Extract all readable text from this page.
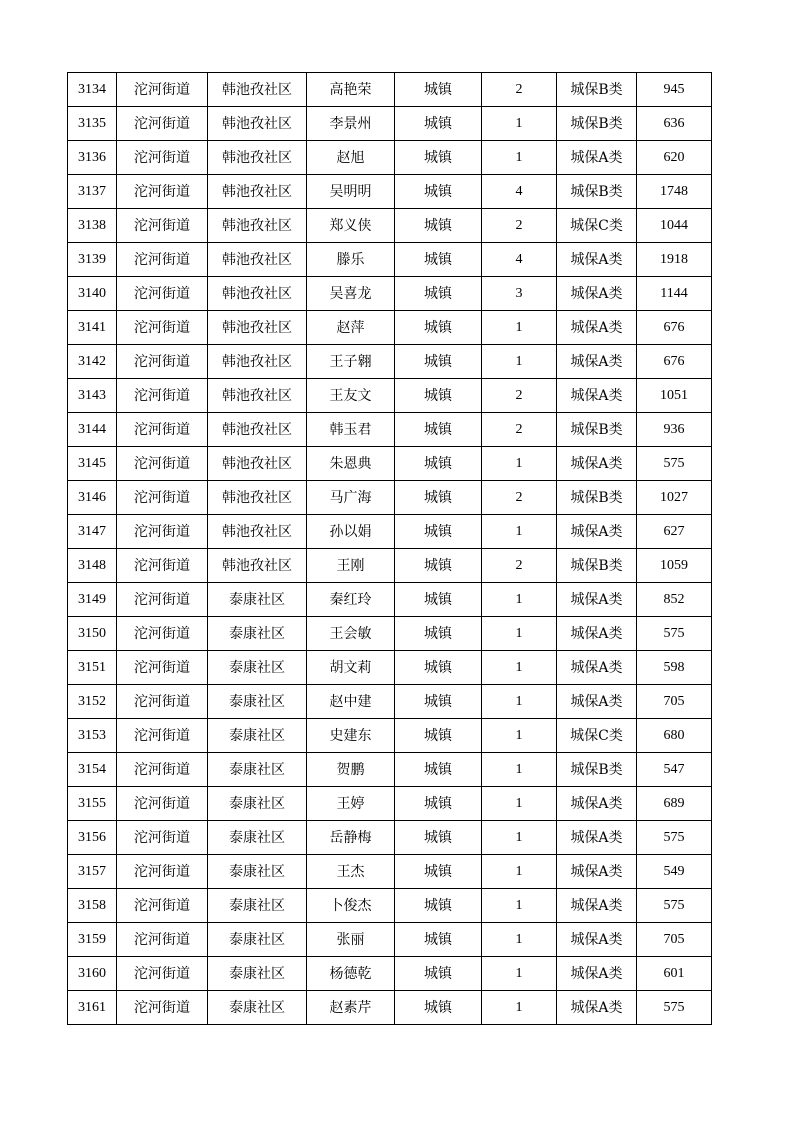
3134	沱河街道	韩池孜社区	高艳荣	城镇	2	城保B类	945
3135	沱河街道	韩池孜社区	李景州	城镇	1	城保B类	636
3136	沱河街道	韩池孜社区	赵旭	城镇	1	城保A类	620
3137	沱河街道	韩池孜社区	吴明明	城镇	4	城保B类	1748
3138	沱河街道	韩池孜社区	郑义侠	城镇	2	城保C类	1044
3139	沱河街道	韩池孜社区	滕乐	城镇	4	城保A类	1918
3140	沱河街道	韩池孜社区	吴喜龙	城镇	3	城保A类	1144
3141	沱河街道	韩池孜社区	赵萍	城镇	1	城保A类	676
3142	沱河街道	韩池孜社区	王子翱	城镇	1	城保A类	676
3143	沱河街道	韩池孜社区	王友文	城镇	2	城保A类	1051
3144	沱河街道	韩池孜社区	韩玉君	城镇	2	城保B类	936
3145	沱河街道	韩池孜社区	朱恩典	城镇	1	城保A类	575
3146	沱河街道	韩池孜社区	马广海	城镇	2	城保B类	1027
3147	沱河街道	韩池孜社区	孙以娟	城镇	1	城保A类	627
3148	沱河街道	韩池孜社区	王刚	城镇	2	城保B类	1059
3149	沱河街道	泰康社区	秦红玲	城镇	1	城保A类	852
3150	沱河街道	泰康社区	王会敏	城镇	1	城保A类	575
3151	沱河街道	泰康社区	胡文莉	城镇	1	城保A类	598
3152	沱河街道	泰康社区	赵中建	城镇	1	城保A类	705
3153	沱河街道	泰康社区	史建东	城镇	1	城保C类	680
3154	沱河街道	泰康社区	贺鹏	城镇	1	城保B类	547
3155	沱河街道	泰康社区	王婷	城镇	1	城保A类	689
3156	沱河街道	泰康社区	岳静梅	城镇	1	城保A类	575
3157	沱河街道	泰康社区	王杰	城镇	1	城保A类	549
3158	沱河街道	泰康社区	卜俊杰	城镇	1	城保A类	575
3159	沱河街道	泰康社区	张丽	城镇	1	城保A类	705
3160	沱河街道	泰康社区	杨德乾	城镇	1	城保A类	601
3161	沱河街道	泰康社区	赵素芹	城镇	1	城保A类	575
